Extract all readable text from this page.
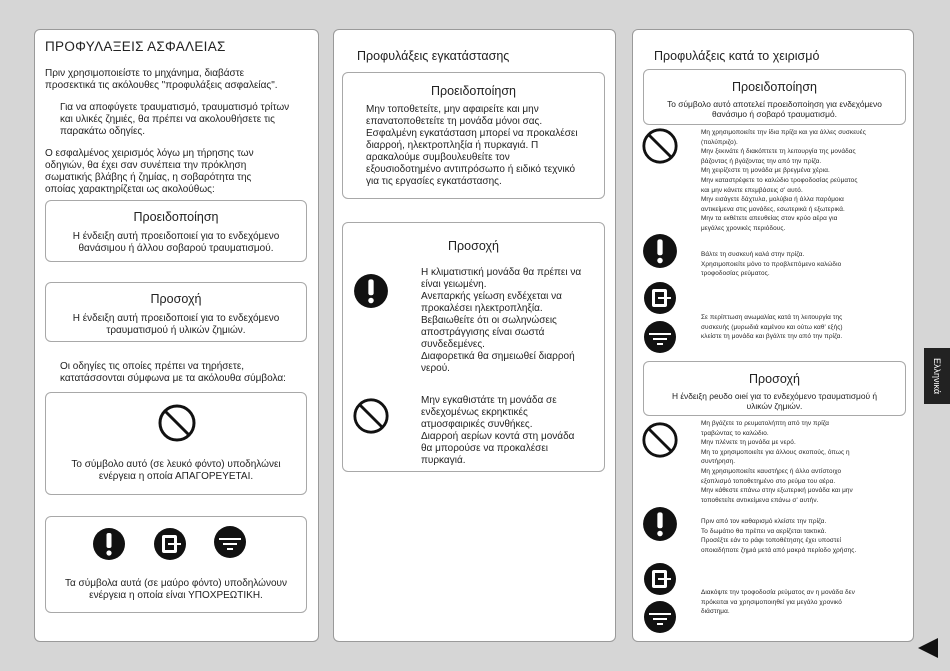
ΠΡΟΦΥΛΑΞΕΙΣ ΑΣΦΑΛΕΙΑΣ
Πριν χρησιμοποιείστε το μηχάνημα, διαβάστε
προσεκτικά τις ακόλουθες "προφυλάξεις ασφαλείας".
Για να αποφύγετε τραυματισμό, τραυματισμό τρίτων
και υλικές ζημιές, θα πρέπει να ακολουθήσετε τις
παρακάτω οδηγίες.
Ο εσφαλμένος χειρισμός λόγω μη τήρησης των
οδηγιών, θα έχει σαν συνέπεια την πρόκληση
σωματικής βλάβης ή ζημίας, η σοβαρότητα της
οποίας χαρακτηρίζεται ως ακολούθως:
Προειδοποίηση
Η ένδειξη αυτή προειδοποιεί για το ενδεχόμενο
θανάσιμου ή άλλου σοβαρού τραυματισμού.
Προσοχή
Η ένδειξη αυτή προειδοποιεί για το ενδεχόμενο
τραυματισμού ή υλικών ζημιών.
Οι οδηγίες τις οποίες πρέπει να τηρήσετε,
κατατάσσονται σύμφωνα με τα ακόλουθα σύμβολα:
Το σύμβολο αυτό (σε λευκό φόντο) υποδηλώνει
ενέργεια η οποία ΑΠΑΓΟΡΕΥΕΤΑΙ.
Τα σύμβολα αυτά (σε μαύρο φόντο) υποδηλώνουν
ενέργεια η οποία είναι ΥΠΟΧΡΕΩΤΙΚΗ.
Προφυλάξεις εγκατάστασης
Προειδοποίηση
Μην τοποθετείτε, μην αφαιρείτε και μην
επανατοποθετείτε τη μονάδα μόνοι σας.
Εσφαλμένη εγκατάσταση μπορεί να προκαλέσει
διαρροή, ηλεκτροπληξία ή πυρκαγιά. Π
αρακαλούμε συμβουλευθείτε τον
εξουσιοδοτημένο αντιπρόσωπο ή ειδικό τεχνικό
για τις εργασίες εγκατάστασης.
Προσοχή
Η κλιματιστική μονάδα θα πρέπει να
είναι γειωμένη.
Ανεπαρκής γείωση ενδέχεται να
προκαλέσει ηλεκτροπληξία.
Βεβαιωθείτε ότι οι σωληνώσεις
αποστράγγισης είναι σωστά
συνδεδεμένες.
Διαφορετικά θα σημειωθεί διαρροή
νερού.
Μην εγκαθιστάτε τη μονάδα σε
ενδεχομένως εκρηκτικές
ατμοσφαιρικές συνθήκες.
Διαρροή αερίων κοντά στη μονάδα
θα μπορούσε να προκαλέσει
πυρκαγιά.
Προφυλάξεις κατά το χειρισμό
Προειδοποίηση
Το σύμβολο αυτό αποτελεί προειδοποίηση για ενδεχόμενο
θανάσιμο ή σοβαρό τραυματισμό.
Μη χρησιμοποιείτε την ίδια πρίζα και για άλλες συσκευές
(πολύπριζο).
Μην ξεκινάτε ή διακόπτετε τη λειτουργία της μονάδας
βάζοντας ή βγάζοντας την από την πρίζα.
Μη χειρίζεστε τη μονάδα με βρεγμένα χέρια.
Μην καταστρέφετε το καλώδιο τροφοδοσίας ρεύματος
και μην κάνετε επεμβάσεις σ' αυτό.
Μην εισάγετε δάχτυλα, μολύβια ή άλλα παρόμοια
αντικείμενα στις μονάδες, εσωτερικά ή εξωτερικά.
Μην τα εκθέτετε απευθείας στον κρύο αέρα για
μεγάλες χρονικές περιόδους.
Βάλτε τη συσκευή καλά στην πρίζα.
Χρησιμοποιείτε μόνο το προβλεπόμενο καλώδιο
τροφοδοσίας ρεύματος.
Σε περίπτωση ανωμαλίας κατά τη λειτουργία της
συσκευής (μυρωδιά καμένου και ούτω καθ' εξής)
κλείστε τη μονάδα και βγάλτε την από την πρίζα.
Προσοχή
Η ένδειξη ρeυδo οιeί για το ενδεχόμενο τραυματισμού ή
υλικών ζημιών.
Μη βγάζετε το ρευματολήπτη από την πρίζα
τραβώντας το καλώδιο.
Μην πλένετε τη μονάδα με νερό.
Μη τo χρησιμοποιείτε για άλλους σκοπούς, όπως η
συντήρηση.
Μη χρησιμοποιείτε καυστήρες ή άλλο αντίστοιχο
εξοπλισμό τοποθετημένο στο ρεύμα του αέρα.
Μην κάθεστε επάνω στην εξωτερική μονάδα και μην
τοποθετείτε αντικείμενα επάνω σ' αυτήν.
Πριν από τον καθαρισμό κλείστε την πρίζα.
Το δωμάτιο θα πρέπει να αερίζεται τακτικά.
Προσέξτε εάν το ράφι τοποθέτησης έχει υποστεί
οποιαδήποτε ζημιά μετά από μακρά περίοδο χρήσης.
Διακόψτε την τροφοδοσία ρεύματος αν η μονάδα δεν
πρόκειται να χρησιμοποιηθεί για μεγάλο χρονικό
διάστημα.
Ελληνικά
